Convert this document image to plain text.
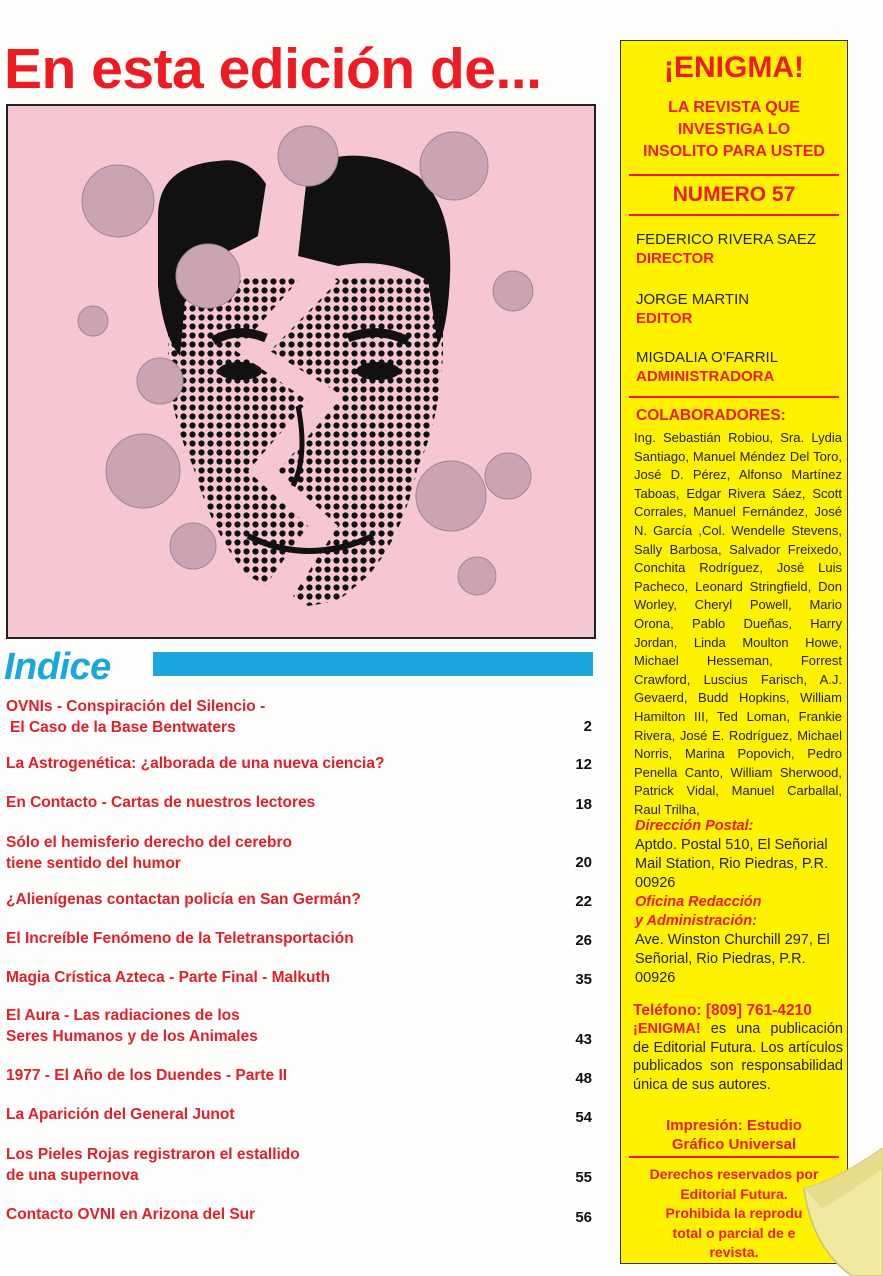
En esta edición de...
Indice
OVNIs - Conspiración del Silencio -
El Caso de la Base Bentwaters	2
La Astrogenética: ¿alborada de una nueva ciencia?	12
En Contacto - Cartas de nuestros lectores	18
Sólo el hemisferio derecho del cerebro
tiene sentido del humor	20
¿Alienígenas contactan policía en San Germán?	22
El Increíble Fenómeno de la Teletransportación	26
Magia Crística Azteca - Parte Final - Malkuth	35
El Aura - Las radiaciones de los
Seres Humanos y de los Animales	43
1977 - El Año de los Duendes - Parte II	48
La Aparición del General Junot	54
Los Pieles Rojas registraron el estallido
de una supernova	55
Contacto OVNI en Arizona del Sur	56
¡ENIGMA!
LA REVISTA QUE
INVESTIGA LO
INSOLITO PARA USTED
NUMERO 57
FEDERICO RIVERA SAEZ
DIRECTOR
JORGE MARTIN
EDITOR
MIGDALIA O'FARRIL
ADMINISTRADORA
COLABORADORES:
Ing. Sebastián Robiou, Sra. Lydia Santiago, Manuel Méndez Del Toro, José D. Pérez, Alfonso Martínez Taboas, Edgar Rivera Sáez, Scott Corrales, Manuel Fernández, José N. García ,Col. Wendelle Stevens, Sally Barbosa, Salvador Freixedo, Conchita Rodríguez, José Luis Pacheco, Leonard Stringfield, Don Worley, Cheryl Powell, Mario Orona, Pablo Dueñas, Harry Jordan, Linda Moulton Howe, Michael Hesseman, Forrest Crawford, Luscius Farisch, A.J. Gevaerd, Budd Hopkins, William Hamilton III, Ted Loman, Frankie Rivera, José E. Rodríguez, Michael Norris, Marina Popovich, Pedro Penella Canto, William Sherwood, Patrick Vidal, Manuel Carballal, Raul Trilha,
Dirección Postal:
Aptdo. Postal 510, El Señorial Mail Station, Rio Piedras, P.R. 00926
Oficina Redacción
y Administración:
Ave. Winston Churchill 297, El Señorial, Rio Piedras, P.R. 00926
Teléfono: [809] 761-4210
¡ENIGMA! es una publicación de Editorial Futura. Los artículos publicados son responsabilidad única de sus autores.
Impresión: Estudio
Gráfico Universal
Derechos reservados por
Editorial Futura.
Prohibida la reprodu
total o parcial de e
revista.
